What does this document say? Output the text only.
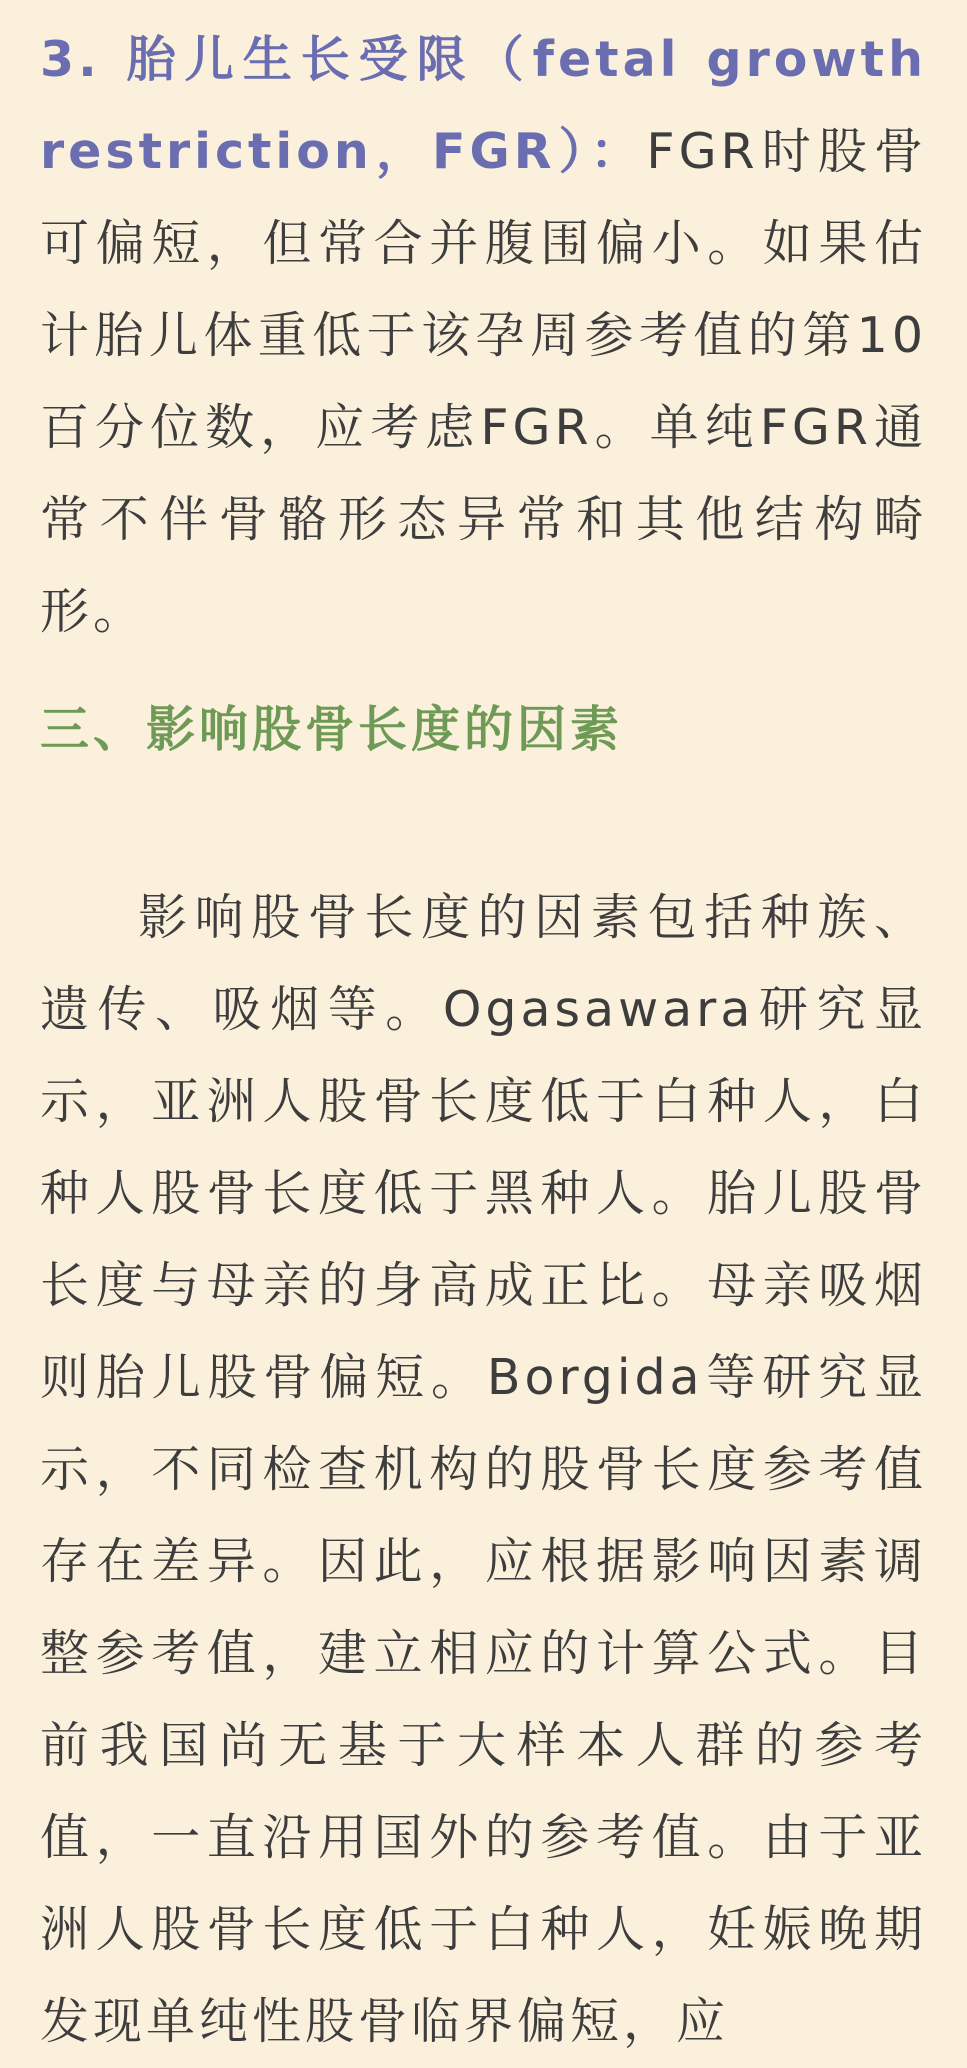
3. 胎儿生长受限（fetal growth restriction，FGR）：FGR时股骨可偏短，但常合并腹围偏小。如果估计胎儿体重低于该孕周参考值的第10百分位数，应考虑FGR。单纯FGR通常不伴骨骼形态异常和其他结构畸形。

三、影响股骨长度的因素

影响股骨长度的因素包括种族、遗传、吸烟等。Ogasawara研究显示，亚洲人股骨长度低于白种人，白种人股骨长度低于黑种人。胎儿股骨长度与母亲的身高成正比。母亲吸烟则胎儿股骨偏短。Borgida等研究显示，不同检查机构的股骨长度参考值存在差异。因此，应根据影响因素调整参考值，建立相应的计算公式。目前我国尚无基于大样本人群的参考值，一直沿用国外的参考值。由于亚洲人股骨长度低于白种人，妊娠晚期发现单纯性股骨临界偏短，应
